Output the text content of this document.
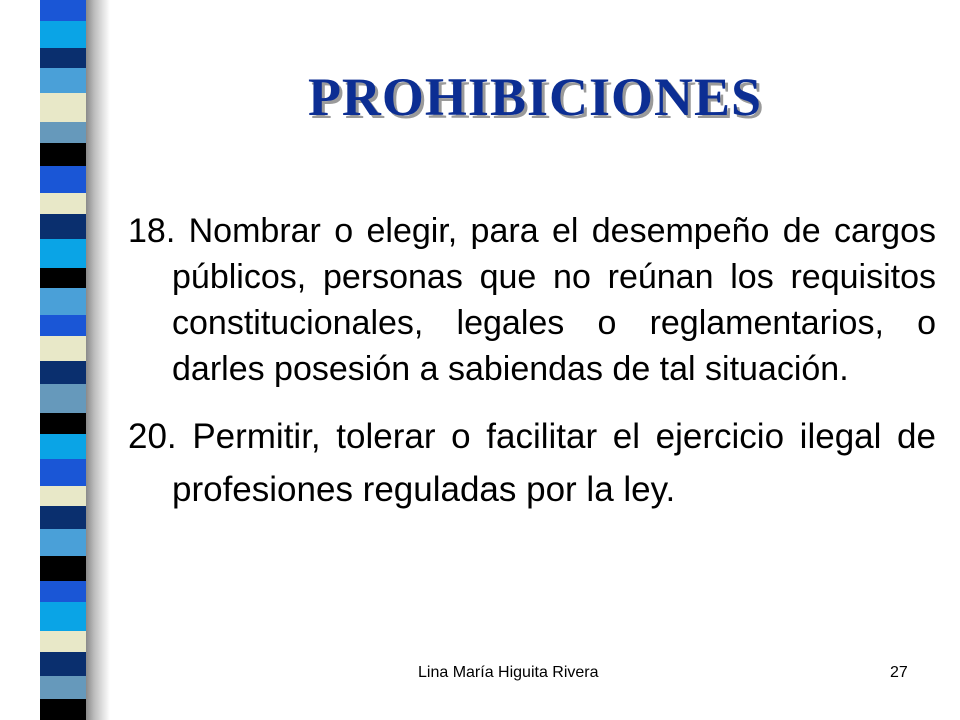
PROHIBICIONES

18. Nombrar o elegir, para el desempeño de cargos públicos, personas que no reúnan los requisitos constitucionales, legales o reglamentarios, o darles posesión a sabiendas de tal situación.

20. Permitir, tolerar o facilitar el ejercicio ilegal de profesiones reguladas por la ley.

Lina María Higuita Rivera	27
